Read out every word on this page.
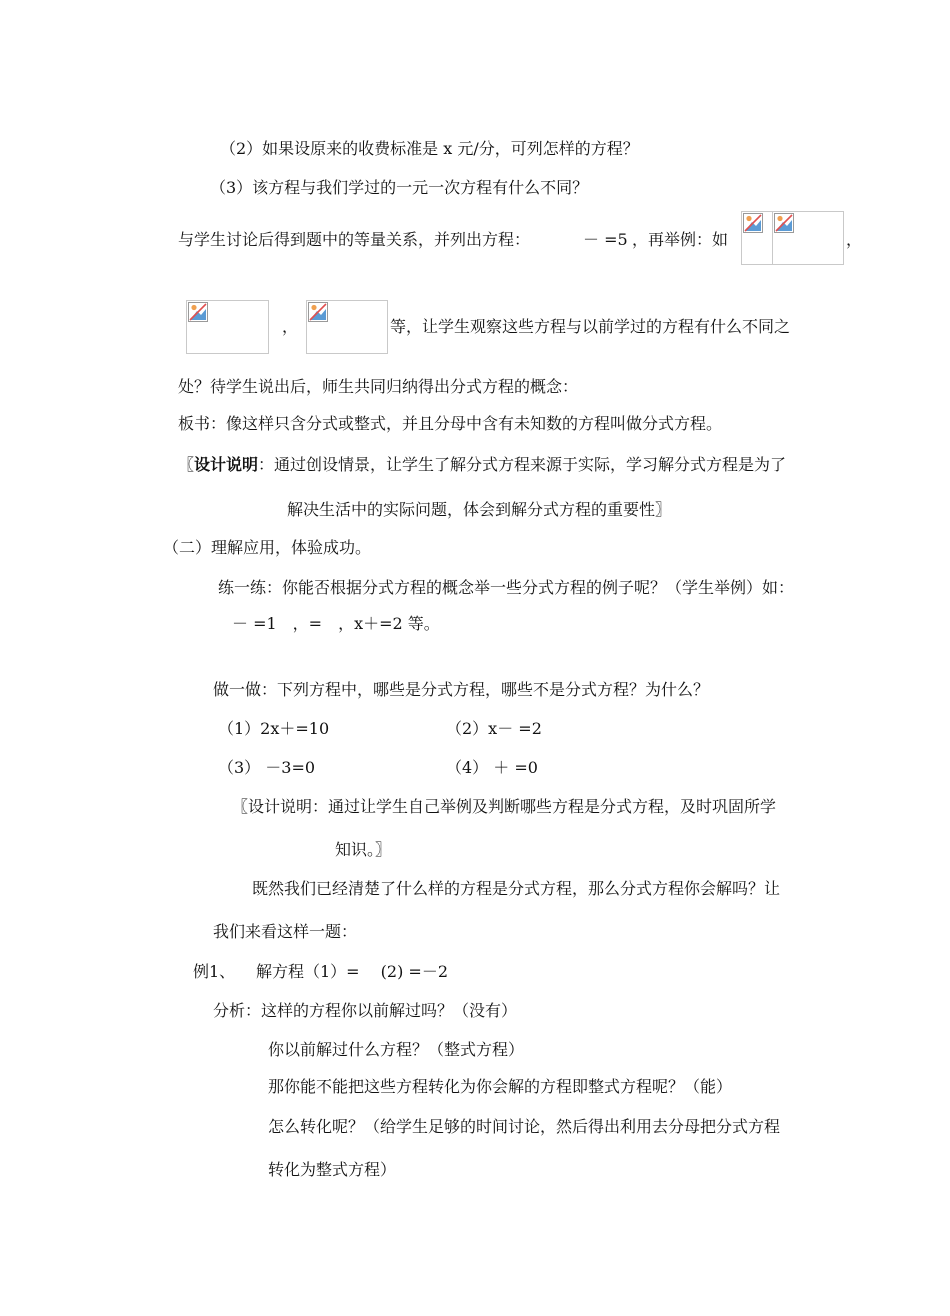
（2）如果设原来的收费标准是 x 元/分，可列怎样的方程？
（3）该方程与我们学过的一元一次方程有什么不同？
与学生讨论后得到题中的等量关系，并列出方程：	－ =5 ，再举例：如	，
，	等，让学生观察这些方程与以前学过的方程有什么不同之
处？待学生说出后，师生共同归纳得出分式方程的概念：
板书：像这样只含分式或整式，并且分母中含有未知数的方程叫做分式方程。
〖设计说明：通过创设情景，让学生了解分式方程来源于实际，学习解分式方程是为了
解决生活中的实际问题，体会到解分式方程的重要性〗
（二）理解应用，体验成功。
练一练：你能否根据分式方程的概念举一些分式方程的例子呢？（学生举例）如：
－ =1　，=　，x＋=2 等。
做一做：下列方程中，哪些是分式方程，哪些不是分式方程？为什么？
（1）2x＋=10	（2）x－ =2
（3） －3=0	（4） ＋ =0
〖设计说明：通过让学生自己举例及判断哪些方程是分式方程，及时巩固所学
知识。〗
既然我们已经清楚了什么样的方程是分式方程，那么分式方程你会解吗？让
我们来看这样一题：
例1、 解方程（1）=　 (2) =－2
分析：这样的方程你以前解过吗？（没有）
你以前解过什么方程？（整式方程）
那你能不能把这些方程转化为你会解的方程即整式方程呢？（能）
怎么转化呢？（给学生足够的时间讨论，然后得出利用去分母把分式方程
转化为整式方程）
